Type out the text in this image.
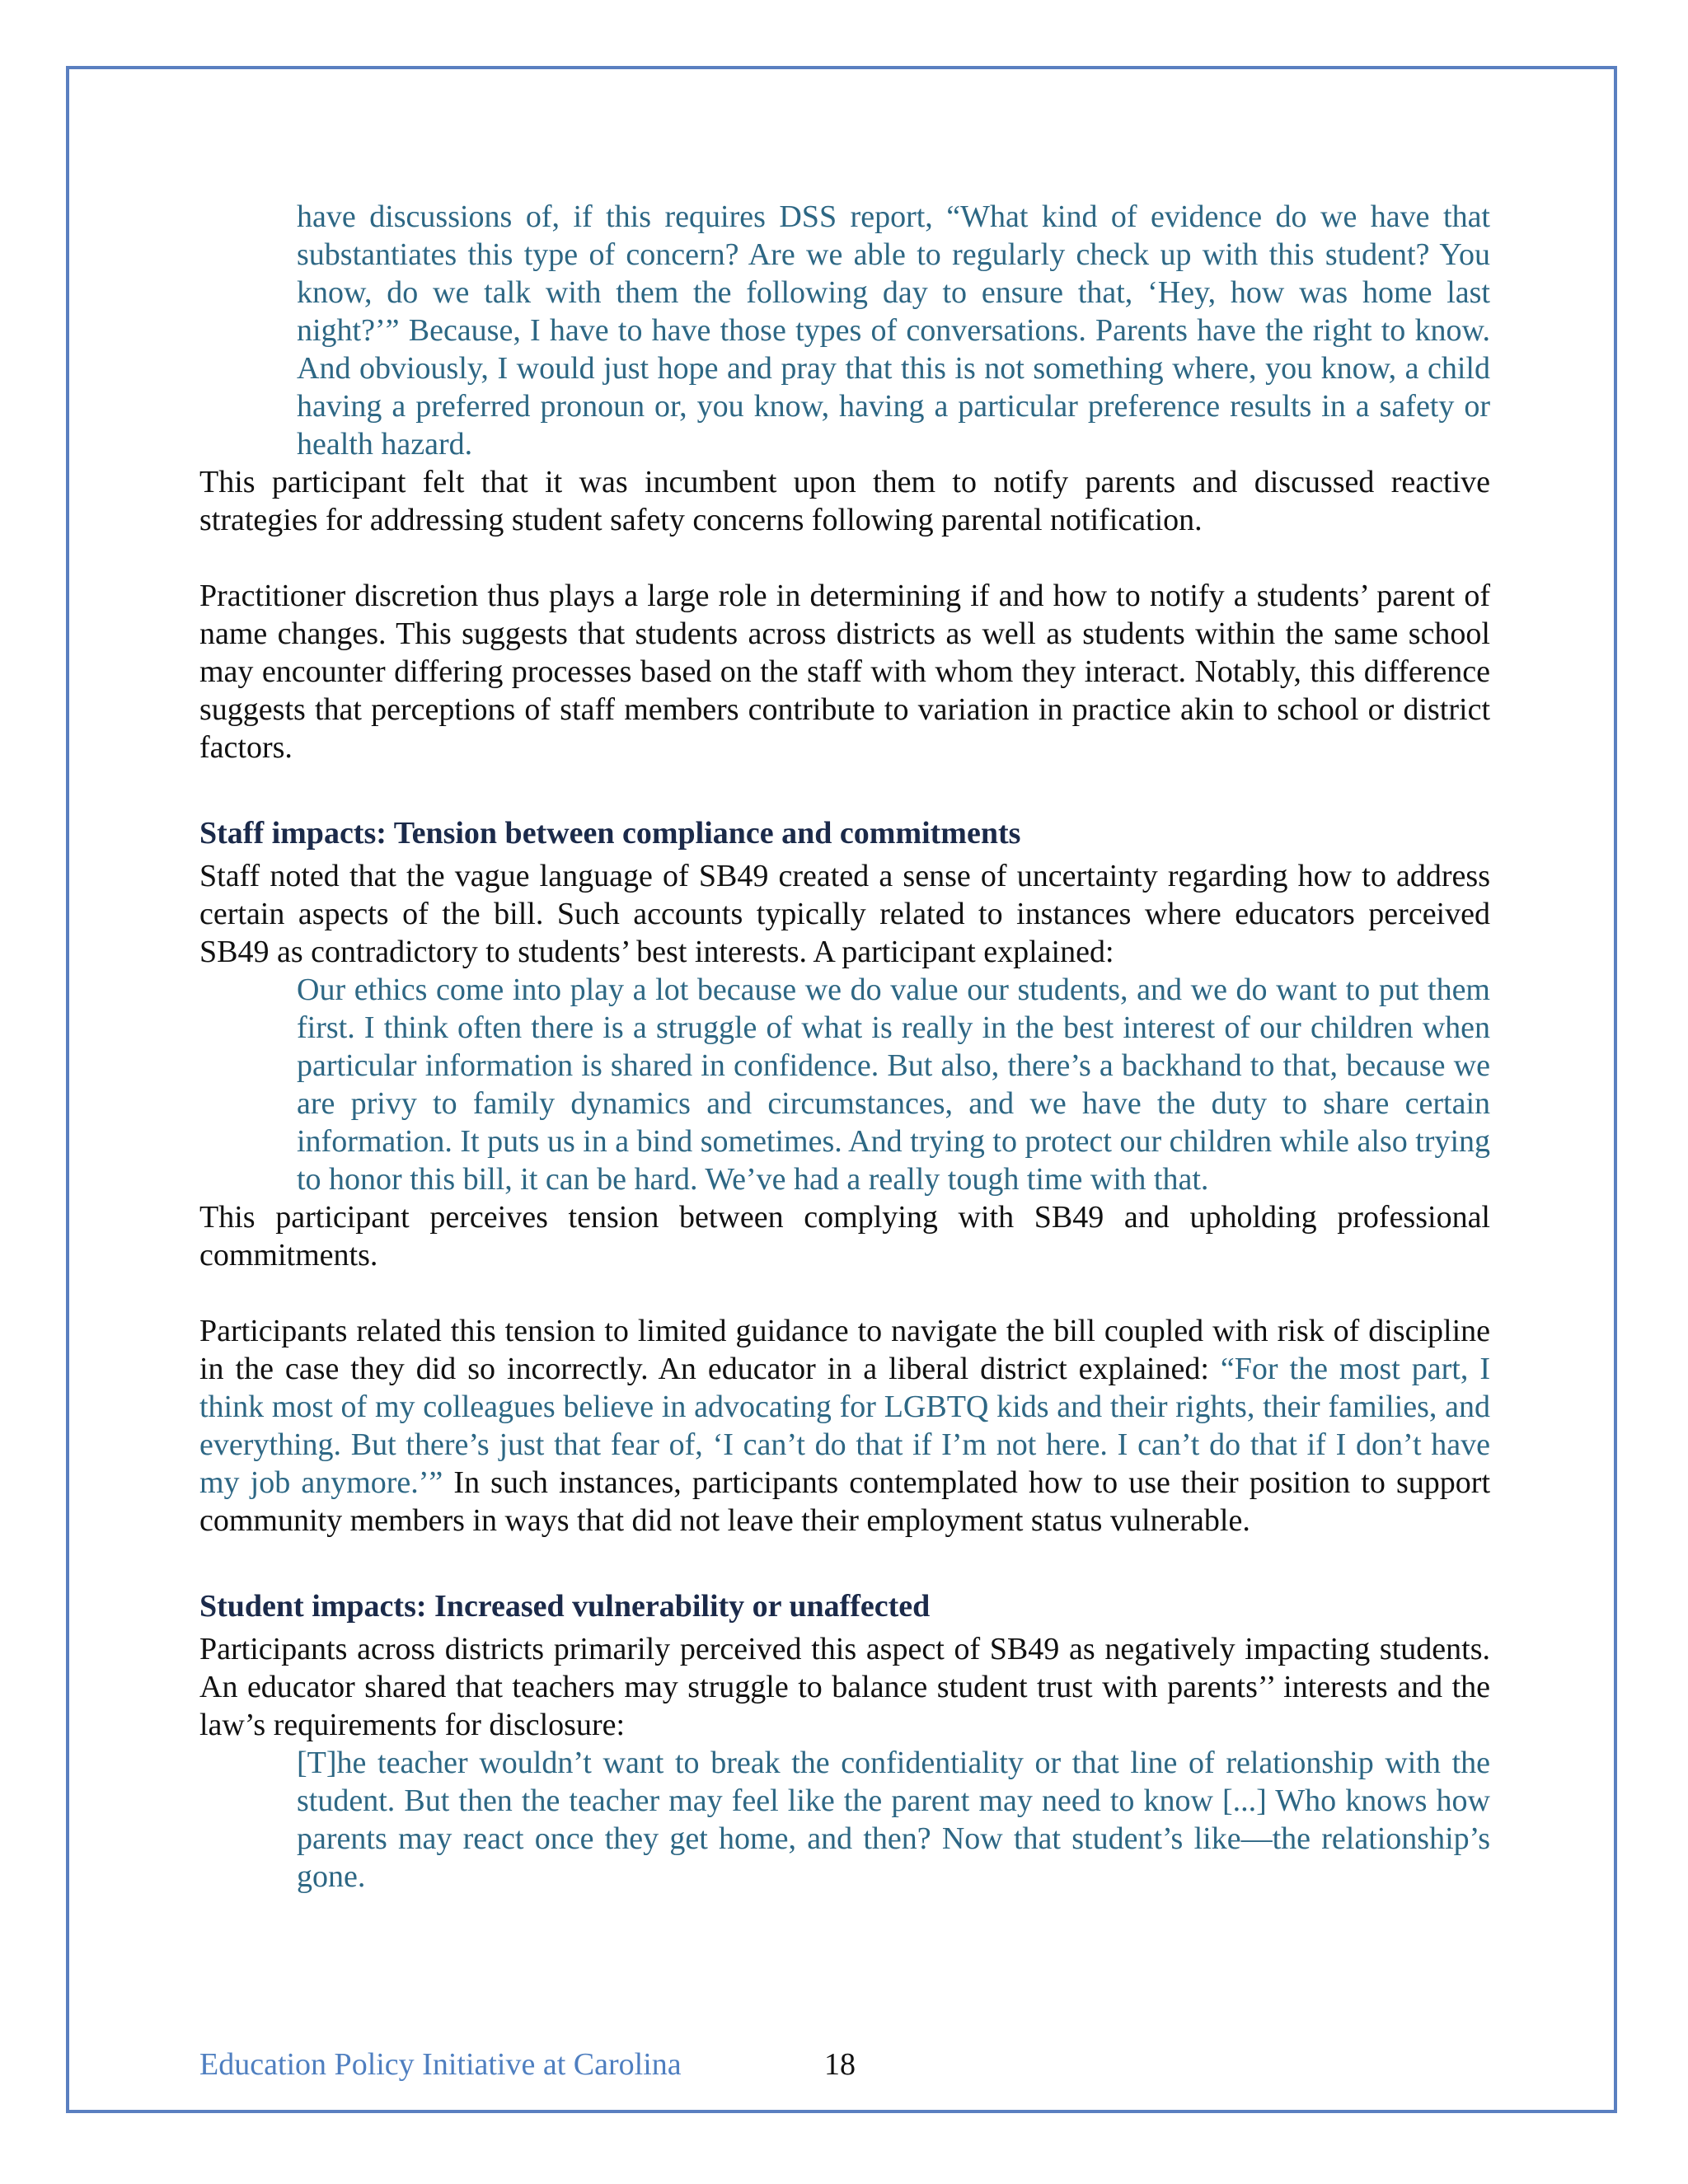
have discussions of, if this requires DSS report, “What kind of evidence do we have that substantiates this type of concern? Are we able to regularly check up with this student? You know, do we talk with them the following day to ensure that, ‘Hey, how was home last night?’” Because, I have to have those types of conversations. Parents have the right to know. And obviously, I would just hope and pray that this is not something where, you know, a child having a preferred pronoun or, you know, having a particular preference results in a safety or health hazard.

This participant felt that it was incumbent upon them to notify parents and discussed reactive strategies for addressing student safety concerns following parental notification.

Practitioner discretion thus plays a large role in determining if and how to notify a students’ parent of name changes. This suggests that students across districts as well as students within the same school may encounter differing processes based on the staff with whom they interact. Notably, this difference suggests that perceptions of staff members contribute to variation in practice akin to school or district factors.

Staff impacts: Tension between compliance and commitments

Staff noted that the vague language of SB49 created a sense of uncertainty regarding how to address certain aspects of the bill. Such accounts typically related to instances where educators perceived SB49 as contradictory to students’ best interests. A participant explained:

Our ethics come into play a lot because we do value our students, and we do want to put them first. I think often there is a struggle of what is really in the best interest of our children when particular information is shared in confidence. But also, there’s a backhand to that, because we are privy to family dynamics and circumstances, and we have the duty to share certain information. It puts us in a bind sometimes. And trying to protect our children while also trying to honor this bill, it can be hard. We’ve had a really tough time with that.

This participant perceives tension between complying with SB49 and upholding professional commitments.

Participants related this tension to limited guidance to navigate the bill coupled with risk of discipline in the case they did so incorrectly. An educator in a liberal district explained: “For the most part, I think most of my colleagues believe in advocating for LGBTQ kids and their rights, their families, and everything. But there’s just that fear of, ‘I can’t do that if I’m not here. I can’t do that if I don’t have my job anymore.’” In such instances, participants contemplated how to use their position to support community members in ways that did not leave their employment status vulnerable.

Student impacts: Increased vulnerability or unaffected

Participants across districts primarily perceived this aspect of SB49 as negatively impacting students. An educator shared that teachers may struggle to balance student trust with parents’’ interests and the law’s requirements for disclosure:

[T]he teacher wouldn’t want to break the confidentiality or that line of relationship with the student. But then the teacher may feel like the parent may need to know [...] Who knows how parents may react once they get home, and then? Now that student’s like—the relationship’s gone.

Education Policy Initiative at Carolina	18
